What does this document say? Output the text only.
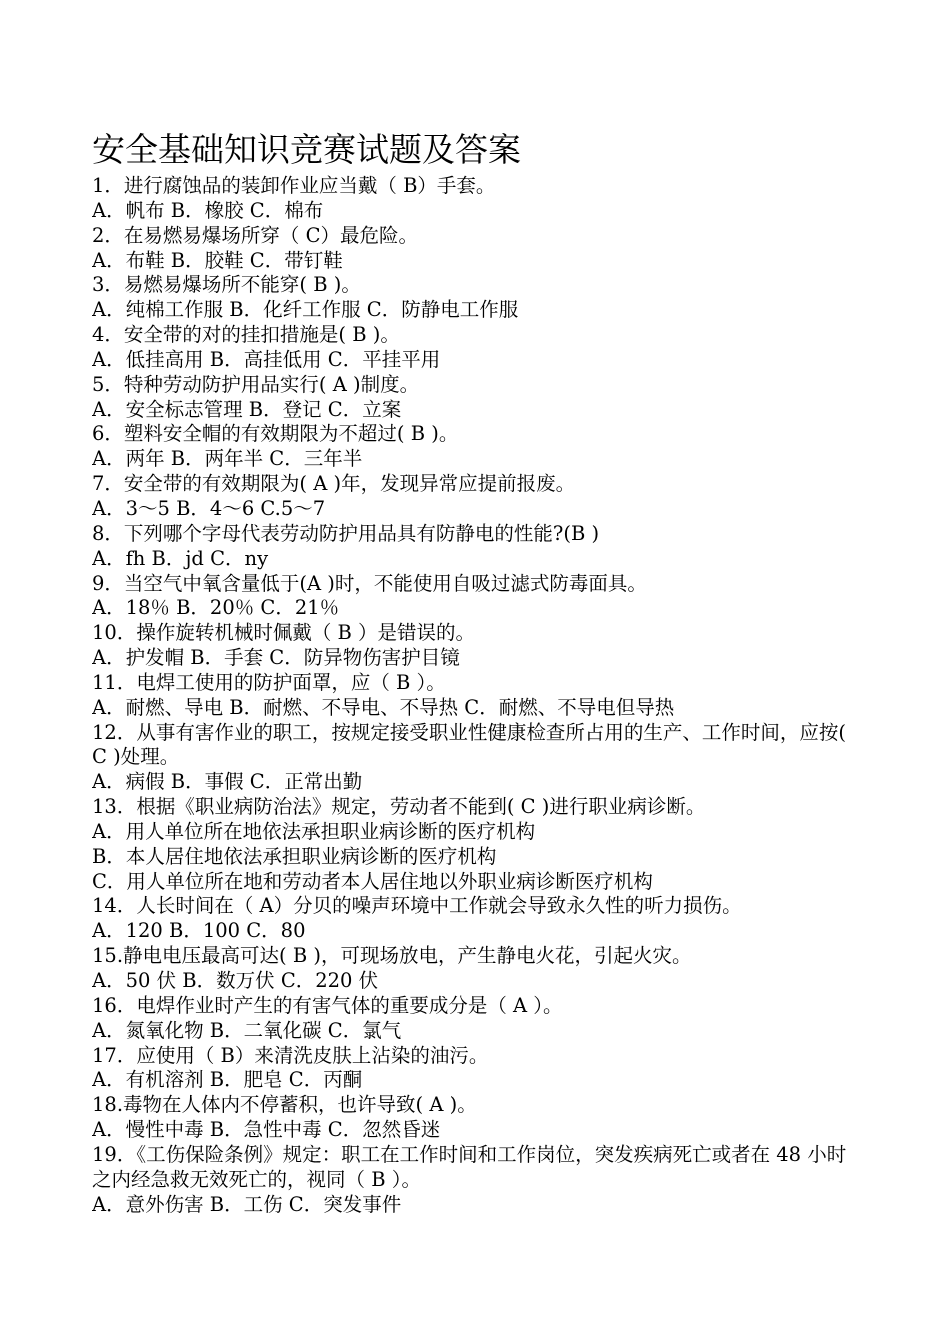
安全基础知识竞赛试题及答案
1．进行腐蚀品的装卸作业应当戴（ B）手套。
A．帆布 B．橡胶 C．棉布
2．在易燃易爆场所穿（ C）最危险。
A．布鞋 B．胶鞋 C．带钉鞋
3．易燃易爆场所不能穿( B )。
A．纯棉工作服 B．化纤工作服 C．防静电工作服
4．安全带的对的挂扣措施是( B )。
A．低挂高用 B．高挂低用 C．平挂平用
5．特种劳动防护用品实行( A )制度。
A．安全标志管理 B．登记 C．立案
6．塑料安全帽的有效期限为不超过( B )。
A．两年 B．两年半 C．三年半
7．安全带的有效期限为( A )年，发现异常应提前报废。
A．3～5 B．4～6 C.5～7
8．下列哪个字母代表劳动防护用品具有防静电的性能?(B )
A．fh B．jd C．ny
9．当空气中氧含量低于(A )时，不能使用自吸过滤式防毒面具。
A．18％ B．20％ C．21％
10．操作旋转机械时佩戴（ B ）是错误的。
A．护发帽 B．手套 C．防异物伤害护目镜
11．电焊工使用的防护面罩，应（ B ）。
A．耐燃、导电 B．耐燃、不导电、不导热 C．耐燃、不导电但导热
12．从事有害作业的职工，按规定接受职业性健康检查所占用的生产、工作时间，应按( C )处理。
A．病假 B．事假 C．正常出勤
13．根据《职业病防治法》规定，劳动者不能到( C )进行职业病诊断。
A．用人单位所在地依法承担职业病诊断的医疗机构
B．本人居住地依法承担职业病诊断的医疗机构
C．用人单位所在地和劳动者本人居住地以外职业病诊断医疗机构
14．人长时间在（ A）分贝的噪声环境中工作就会导致永久性的听力损伤。
A．120 B．100 C．80
15.静电电压最高可达( B )，可现场放电，产生静电火花，引起火灾。
A．50 伏 B．数万伏 C．220 伏
16．电焊作业时产生的有害气体的重要成分是（ A ）。
A．氮氧化物 B．二氧化碳 C．氯气
17．应使用（ B）来清洗皮肤上沾染的油污。
A．有机溶剂 B．肥皂 C．丙酮
18.毒物在人体内不停蓄积，也许导致( A )。
A．慢性中毒 B．急性中毒 C．忽然昏迷
19．《工伤保险条例》规定：职工在工作时间和工作岗位，突发疾病死亡或者在 48 小时之内经急救无效死亡的，视同（ B ）。
A．意外伤害 B．工伤 C．突发事件
